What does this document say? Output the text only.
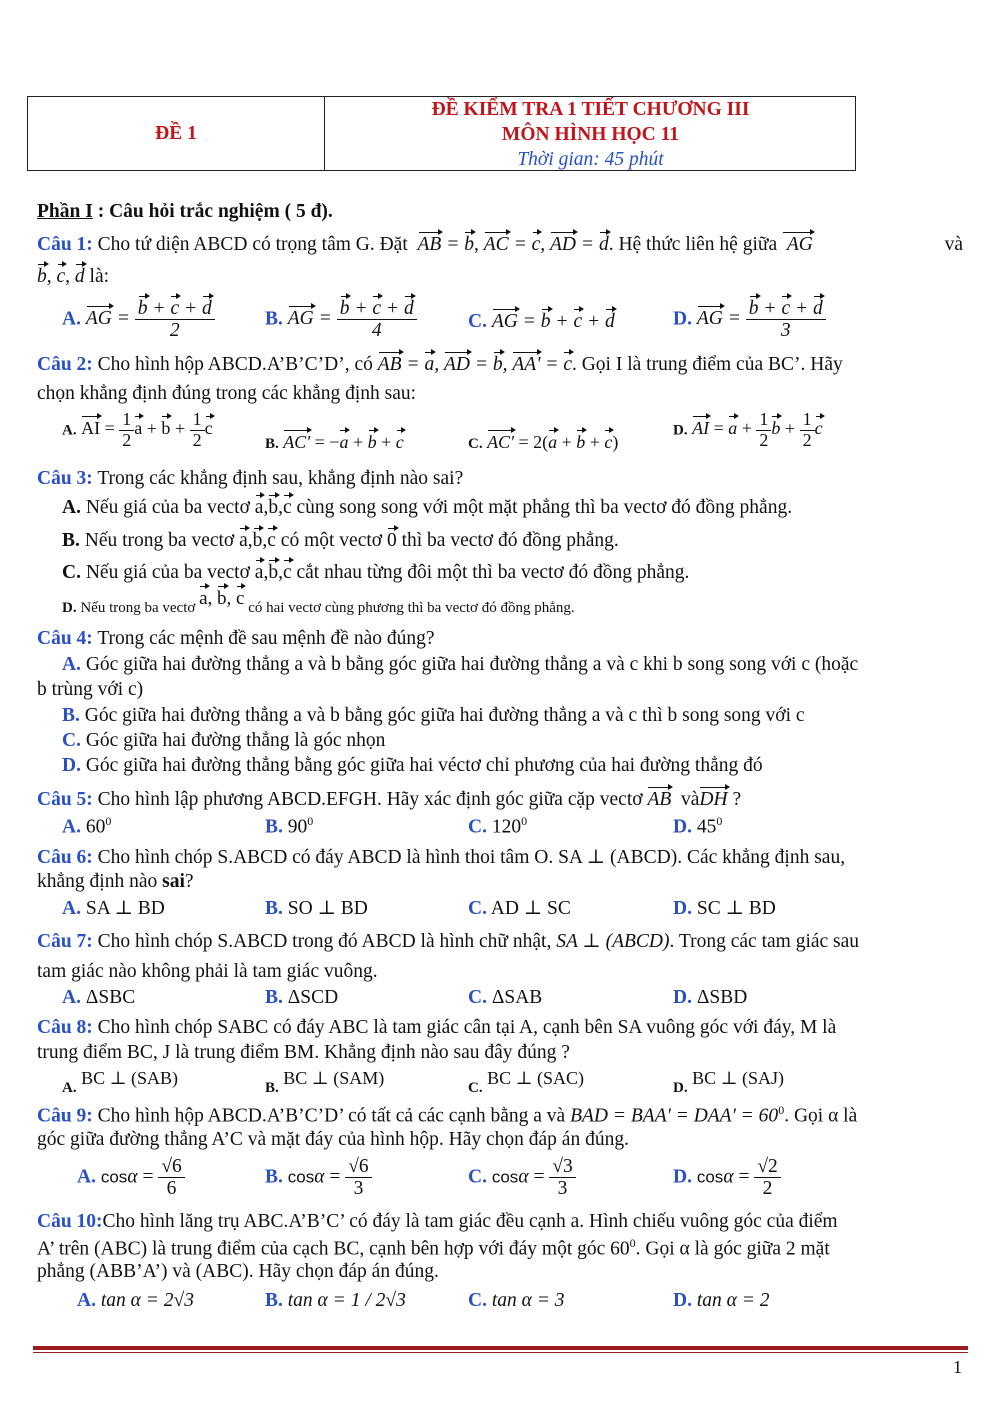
ĐỀ 1
ĐỀ KIỂM TRA 1 TIẾT CHƯƠNG III
MÔN HÌNH HỌC 11
Thời gian: 45 phút
Phần I : Câu hỏi trắc nghiệm ( 5 đ).
Câu 1: Cho tứ diện ABCD có trọng tâm G. Đặt AB = b, AC = c, AD = d. Hệ thức liên hệ giữa  AG	và
b, c, d là:
A. AG = $\frac{b + c + d}{2}$	B. AG = $\frac{b + c + d}{4}$	C. AG = b + c + d	D. AG = $\frac{b + c + d}{3}$
Câu 2: Cho hình hộp ABCD.A’B’C’D’, có AB = a, AD = b, AA' = c. Gọi I là trung điểm của BC’. Hãy
chọn khẳng định đúng trong các khẳng định sau:
A. AI = $\frac{1}{2}$ $a + b + \frac{1}{2}$ c
B. AC' = −a + b + c	C. AC' = 2(a + b + c)
D. AI = $a + \frac{1}{2}$ $b + \frac{1}{2}$ c
Câu 3: Trong các khẳng định sau, khẳng định nào sai?
A. Nếu giá của ba vectơ a,b,c cùng song song với một mặt phẳng thì ba vectơ đó đồng phẳng.
B. Nếu trong ba vectơ a,b,c có một vectơ 0 thì ba vectơ đó đồng phẳng.
C. Nếu giá của ba vectơ a,b,c cắt nhau từng đôi một thì ba vectơ đó đồng phẳng.
D. Nếu trong ba vectơ a, b, c có hai vectơ cùng phương thì ba vectơ đó đồng phẳng.
Câu 4: Trong các mệnh đề sau mệnh đề nào đúng?
A. Góc giữa hai đường thẳng a và b bằng góc giữa hai đường thẳng a và c khi b song song với c (hoặc
b trùng với c)
B. Góc giữa hai đường thẳng a và b bằng góc giữa hai đường thẳng a và c thì b song song với c
C. Góc giữa hai đường thẳng là góc nhọn
D. Góc giữa hai đường thẳng bằng góc giữa hai véctơ chỉ phương của hai đường thẳng đó
Câu 5: Cho hình lập phương ABCD.EFGH. Hãy xác định góc giữa cặp vectơ AB vàDH ?
A. $60^0$	B. $90^0$	C. $120^0$	D. $45^0$
Câu 6: Cho hình chóp S.ABCD có đáy ABCD là hình thoi tâm O. SA ⊥ (ABCD). Các khẳng định sau,
khẳng định nào sai?
A. SA ⊥ BD	B. SO ⊥ BD	C. AD ⊥ SC	D. SC ⊥ BD
Câu 7: Cho hình chóp S.ABCD trong đó ABCD là hình chữ nhật, SA ⊥ (ABCD). Trong các tam giác sau
tam giác nào không phải là tam giác vuông.
A. ΔSBC	B. ΔSCD	C. ΔSAB	D. ΔSBD
Câu 8: Cho hình chóp SABC có đáy ABC là tam giác cân tại A, cạnh bên SA vuông góc với đáy, M là
trung điểm BC, J là trung điểm BM. Khẳng định nào sau đây đúng ?
$_{A.}$ BC ⊥ (SAB)	$_{B.}$ BC ⊥ (SAM)	$_{C.}$ BC ⊥ (SAC)	$_{D.}$ BC ⊥ (SAJ)
Câu 9: Cho hình hộp ABCD.A’B’C’D’ có tất cả các cạnh bằng a và BAD = $BAA' = DAA' = 60^0$. Gọi α là
góc giữa đường thẳng A’C và mặt đáy của hình hộp. Hãy chọn đáp án đúng.
A. $\cos\alpha = \frac{√6}{6}$	B. $\cos\alpha = \frac{√6}{3}$	C. $\cos\alpha = \frac{√3}{3}$	D. $\cos\alpha = \frac{√2}{2}$
Câu 10:Cho hình lăng trụ ABC.A’B’C’ có đáy là tam giác đều cạnh a. Hình chiếu vuông góc của điểm
A’ trên (ABC) là trung điểm của cạch BC, cạnh bên hợp với đáy một góc $60^0$. Gọi α là góc giữa 2 mặt
phẳng (ABB’A’) và (ABC). Hãy chọn đáp án đúng.
A. tan α = 2√3	B. tan α = 1 / 2√3	C. tan α = 3	D. tan α = 2
1
